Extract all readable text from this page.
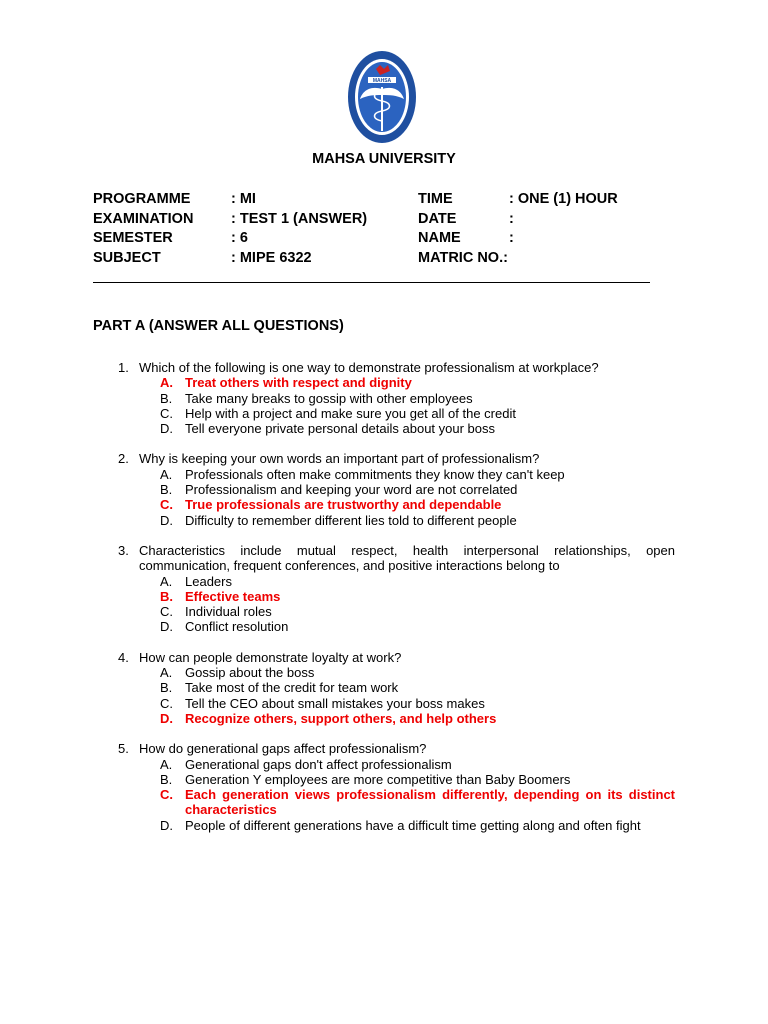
MAHSA
MAHSA UNIVERSITY
PROGRAMME	: MI
EXAMINATION	: TEST 1 (ANSWER)
SEMESTER	: 6
SUBJECT	: MIPE 6322
TIME	: ONE (1) HOUR
DATE	:
NAME	:
MATRIC NO.:
PART A (ANSWER ALL QUESTIONS)
1. Which of the following is one way to demonstrate professionalism at workplace?
A. Treat others with respect and dignity
B. Take many breaks to gossip with other employees
C. Help with a project and make sure you get all of the credit
D. Tell everyone private personal details about your boss
2. Why is keeping your own words an important part of professionalism?
A. Professionals often make commitments they know they can't keep
B. Professionalism and keeping your word are not correlated
C. True professionals are trustworthy and dependable
D. Difficulty to remember different lies told to different people
3. Characteristics include mutual respect, health interpersonal relationships, open communication, frequent conferences, and positive interactions belong to
A. Leaders
B. Effective teams
C. Individual roles
D. Conflict resolution
4. How can people demonstrate loyalty at work?
A. Gossip about the boss
B. Take most of the credit for team work
C. Tell the CEO about small mistakes your boss makes
D. Recognize others, support others, and help others
5. How do generational gaps affect professionalism?
A. Generational gaps don't affect professionalism
B. Generation Y employees are more competitive than Baby Boomers
C. Each generation views professionalism differently, depending on its distinct characteristics
D. People of different generations have a difficult time getting along and often fight
